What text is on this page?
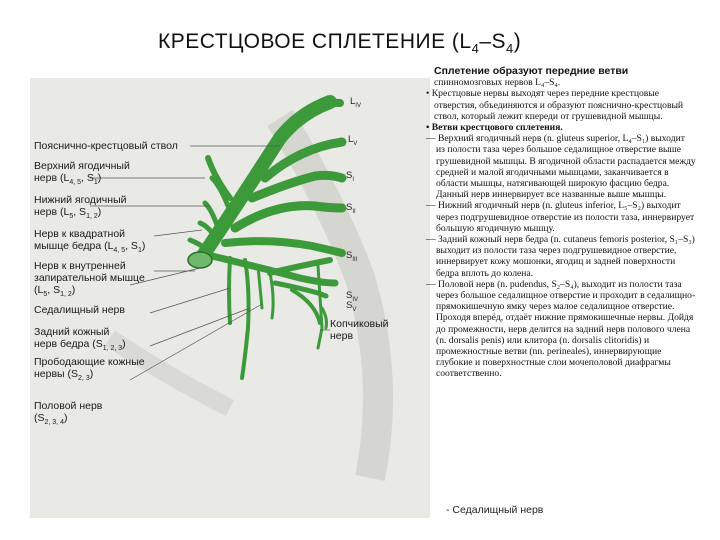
КРЕСТЦОВОЕ СПЛЕТЕНИЕ $(L_4-S_4)$
$L_{IV}$
$L_V$
$S_I$
$S_{II}$
$S_{III}$
$S_{IV}$
$S_V$
Пояснично-крестцовый ствол
Верхний ягодичный
нерв ($L_{4, 5}$, $S_1$)
Нижний ягодичный
нерв ($L_5$, $S_{1, 2}$)
Нерв к квадратной
мышце бедра ($L_{4, 5}$, $S_1$)
Нерв к внутренней
запирательной мышце
($L_5$, $S_{1, 2}$)
Седалищный нерв
Задний кожный
нерв бедра $(S_{1, 2, 3})$
Прободающие кожные
нервы $(S_{2, 3})$
Половой нерв
$(S_{2, 3, 4})$
Копчиковый
нерв

Сплетение образуют передние ветви

спинномозговых нервов L₄–S₄.

• Крестцовые нервы выходят через передние крестцовые отверстия, объединяются и образуют пояснично-крестцовый ствол, который лежит кпереди от грушевидной мышцы.

• Ветви крестцового сплетения.

— Верхний ягодичный нерв (n. gluteus superior, L₄–S₁) выходит из полости таза через большое седалищное отверстие выше грушевидной мышцы. В ягодичной области распадается между средней и малой ягодичными мышцами, заканчивается в области мышцы, натягивающей широкую фасцию бедра. Данный нерв иннервирует все названные выше мышцы.

— Нижний ягодичный нерв (n. gluteus inferior, L₅–S₂) выходит через подгрушевидное отверстие из полости таза, иннервирует большую ягодичную мышцу.

— Задний кожный нерв бедра (n. cutaneus femoris posterior, S₁–S₃) выходит из полости таза через подгрушевидное отверстие, иннервирует кожу мошонки, ягодиц и задней поверхности бедра вплоть до колена.

— Половой нерв (n. pudendus, S₂–S₄), выходит из полости таза через большое седалищное отверстие и проходит в седалищно-прямокишечную ямку через малое седалищное отверстие. Проходя вперёд, отдаёт нижние прямокишечные нервы. Дойдя до промежности, нерв делится на задний нерв полового члена (n. dorsalis penis) или клитора (n. dorsalis clitoridis) и промежностные ветви (nn. perineales), иннервирующие глубокие и поверхностные слои мочеполовой диафрагмы соответственно.

- Седалищный нерв
